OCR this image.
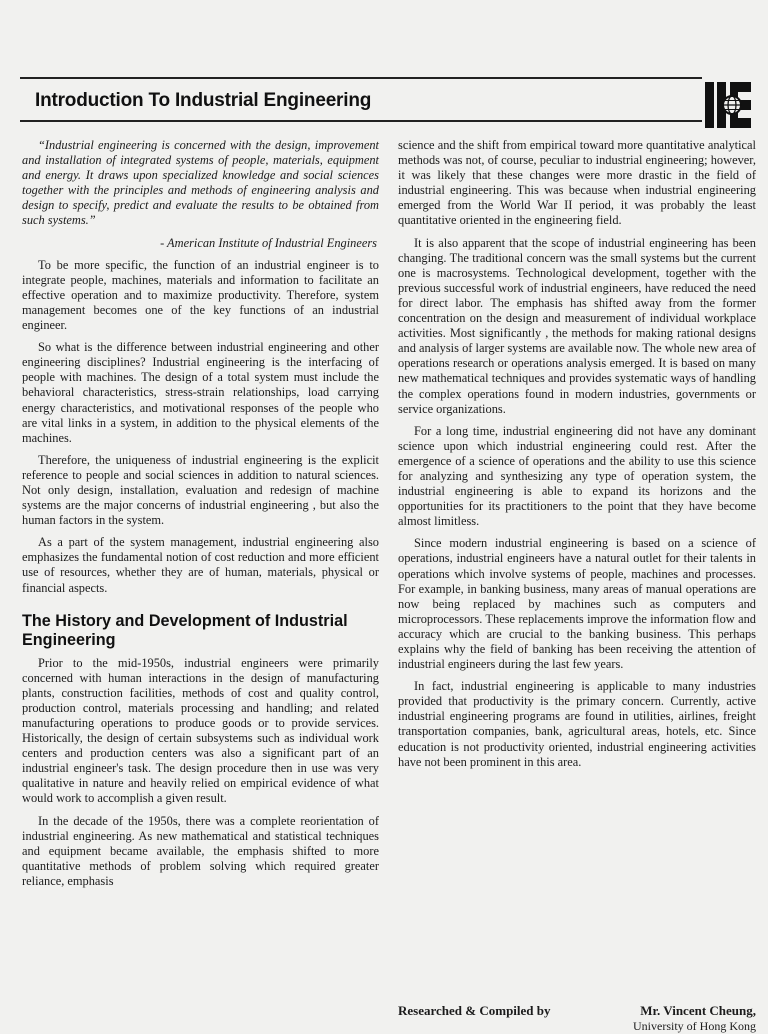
Introduction To Industrial Engineering

“Industrial engineering is concerned with the design, improvement and installation of integrated systems of people, materials, equipment and energy. It draws upon specialized knowledge and social sciences together with the principles and methods of engineering analysis and design to specify, predict and evaluate the results to be obtained from such systems.”

- American Institute of Industrial Engineers

To be more specific, the function of an industrial engineer is to integrate people, machines, materials and information to facilitate an effective operation and to maximize productivity. Therefore, system management becomes one of the key functions of an industrial engineer.

So what is the difference between industrial engineering and other engineering disciplines? Industrial engineering is the interfacing of people with machines. The design of a total system must include the behavioral characteristics, stress-strain relationships, load carrying energy characteristics, and motivational responses of the people who are vital links in a system, in addition to the physical elements of the machines.

Therefore, the uniqueness of industrial engineering is the explicit reference to people and social sciences in addition to natural sciences. Not only design, installation, evaluation and redesign of machine systems are the major concerns of industrial engineering , but also the human factors in the system.

As a part of the system management, industrial engineering also emphasizes the fundamental notion of cost reduction and more efficient use of resources, whether they are of human, materials, physical or financial aspects.

The History and Development of Industrial Engineering

Prior to the mid-1950s, industrial engineers were primarily concerned with human interactions in the design of manufacturing plants, construction facilities, methods of cost and quality control, production control, materials processing and handling; and related manufacturing operations to produce goods or to provide services. Historically, the design of certain subsystems such as individual work centers and production centers was also a significant part of an industrial engineer's task. The design procedure then in use was very qualitative in nature and heavily relied on empirical evidence of what would work to accomplish a given result.

In the decade of the 1950s, there was a complete reorientation of industrial engineering. As new mathematical and statistical techniques and equipment became available, the emphasis shifted to more quantitative methods of problem solving which required greater reliance, emphasis

science and the shift from empirical toward more quantitative analytical methods was not, of course, peculiar to industrial engineering; however, it was likely that these changes were more drastic in the field of industrial engineering. This was because when industrial engineering emerged from the World War II period, it was probably the least quantitative oriented in the engineering field.

It is also apparent that the scope of industrial engineering has been changing. The traditional concern was the small systems but the current one is macrosystems. Technological development, together with the previous successful work of industrial engineers, have reduced the need for direct labor. The emphasis has shifted away from the former concentration on the design and measurement of individual workplace activities. Most significantly , the methods for making rational designs and analysis of larger systems are available now. The whole new area of operations research or operations analysis emerged. It is based on many new mathematical techniques and provides systematic ways of handling the complex operations found in modern industries, governments or service organizations.

For a long time, industrial engineering did not have any dominant science upon which industrial engineering could rest. After the emergence of a science of operations and the ability to use this science for analyzing and synthesizing any type of operation system, the industrial engineering is able to expand its horizons and the opportunities for its practitioners to the point that they have become almost limitless.

Since modern industrial engineering is based on a science of operations, industrial engineers have a natural outlet for their talents in operations which involve systems of people, machines and processes. For example, in banking business, many areas of manual operations are now being replaced by machines such as computers and microprocessors. These replacements improve the information flow and accuracy which are crucial to the banking business. This perhaps explains why the field of banking has been receiving the attention of industrial engineers during the last few years.

In fact, industrial engineering is applicable to many industries provided that productivity is the primary concern. Currently, active industrial engineering programs are found in utilities, airlines, freight transportation companies, bank, agricultural areas, hotels, etc. Since education is not productivity oriented, industrial engineering activities have not been prominent in this area.

Researched & Compiled by	Mr. Vincent Cheung,
University of Hong Kong
